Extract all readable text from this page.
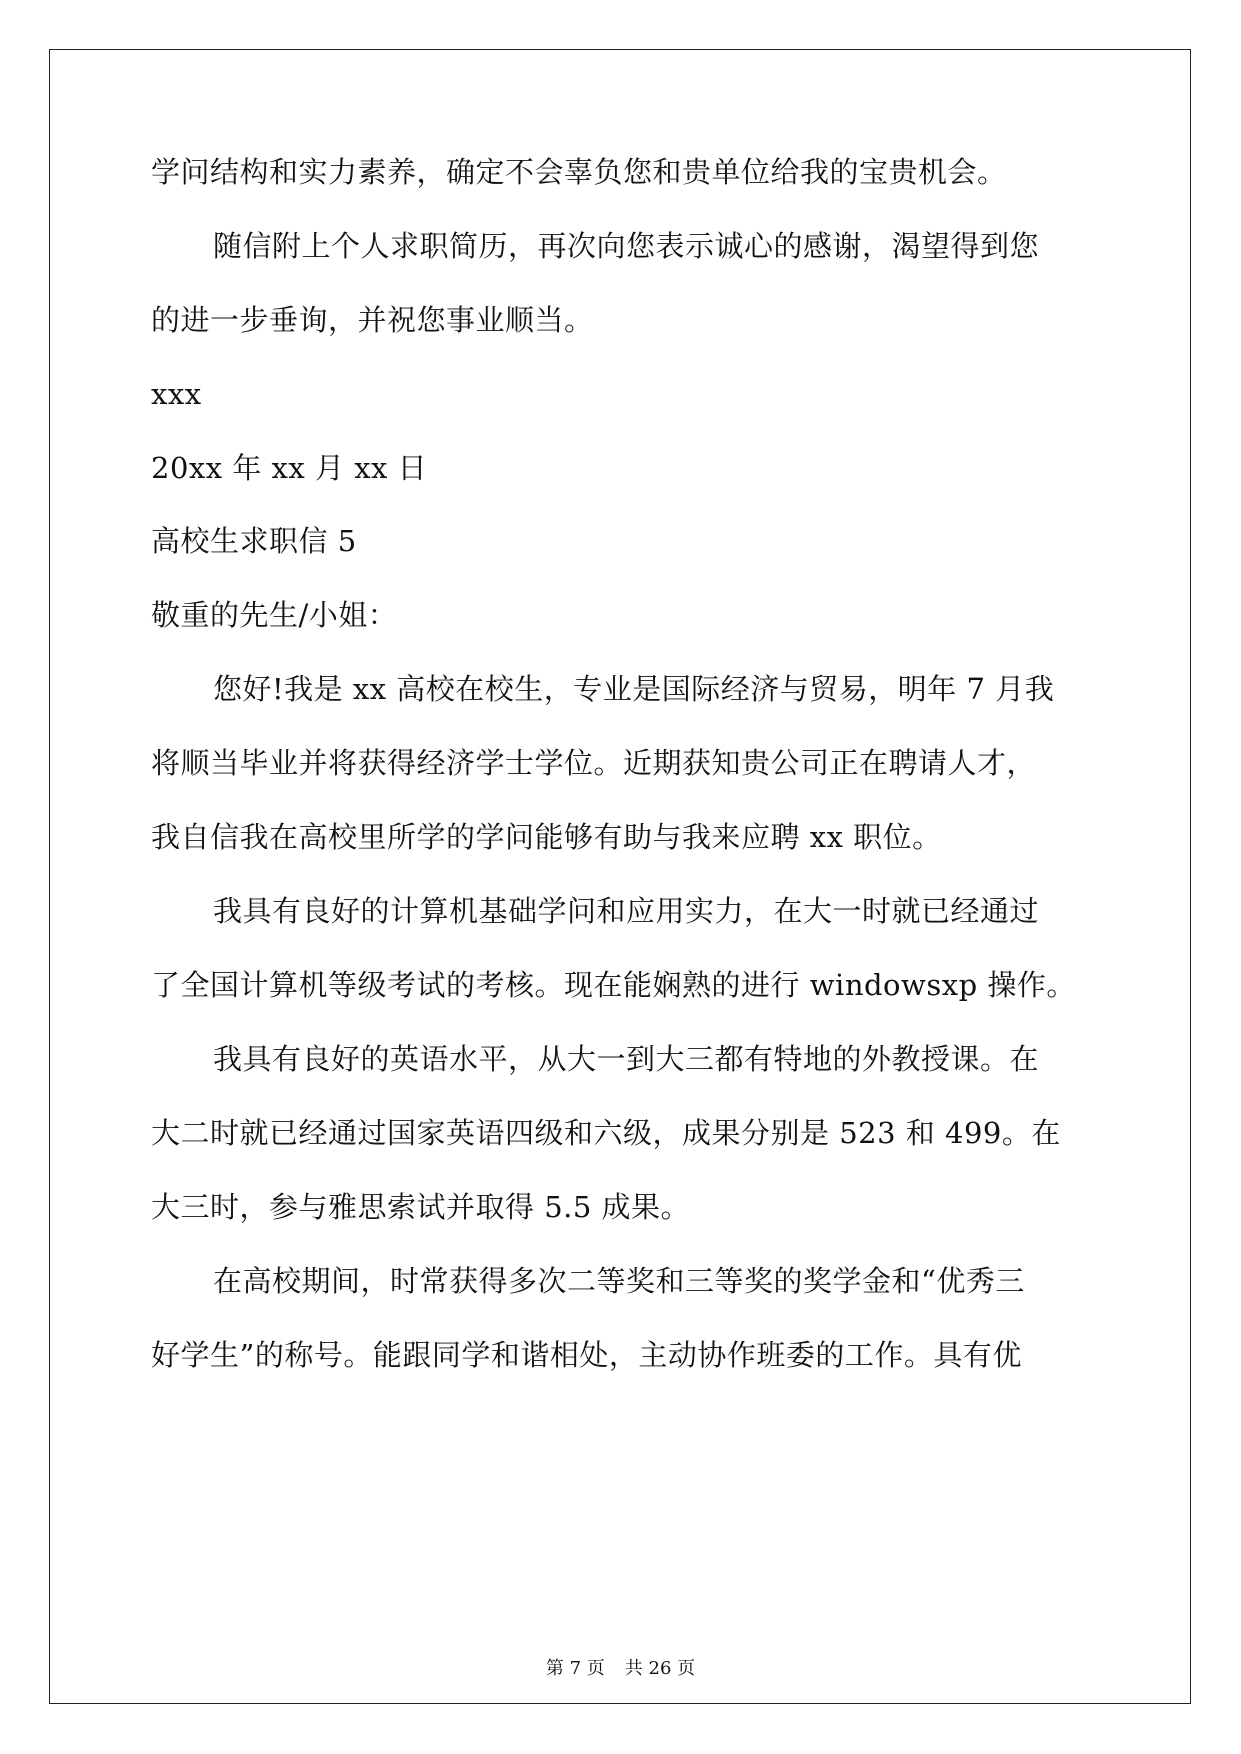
学问结构和实力素养，确定不会辜负您和贵单位给我的宝贵机会。
随信附上个人求职简历，再次向您表示诚心的感谢，渴望得到您
的进一步垂询，并祝您事业顺当。
xxx
20xx 年 xx 月 xx 日
高校生求职信 5
敬重的先生/小姐：
您好!我是 xx 高校在校生，专业是国际经济与贸易，明年 7 月我
将顺当毕业并将获得经济学士学位。近期获知贵公司正在聘请人才，
我自信我在高校里所学的学问能够有助与我来应聘 xx 职位。
我具有良好的计算机基础学问和应用实力，在大一时就已经通过
了全国计算机等级考试的考核。现在能娴熟的进行 windowsxp 操作。
我具有良好的英语水平，从大一到大三都有特地的外教授课。在
大二时就已经通过国家英语四级和六级，成果分别是 523 和 499。在
大三时，参与雅思索试并取得 5.5 成果。
在高校期间，时常获得多次二等奖和三等奖的奖学金和“优秀三
好学生”的称号。能跟同学和谐相处，主动协作班委的工作。具有优
第 7 页 共 26 页
